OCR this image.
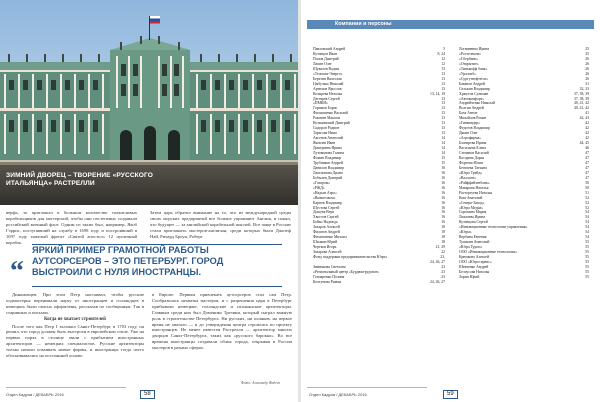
ЗИМНИЙ ДВОРЕЦ – ТВОРЕНИЕ «РУССКОГО ИТАЛЬЯНЦА» РАСТРЕЛЛИ
верфь, то приглашал в большом количестве талантливых корабельщиков для мастерской, чтобы они постепенно создавали российский военный флот. Одним из таких был, например, Якоб Гэррис, поступивший на службу в 1698 году и построивший в 1697 году тяжелый фрегат «Святой апостол» 12 пушечный корабль.
Затем царь обратил внимание на то, что из международной среды своих морских предприятий все больше управляют Англия, и понял, что будущее — за английской корабельной школой. Все чаще в Россию стали приглашать мастеров-англичан, среди которых были Джозеф Най, Ричард Броун, Роберт
“
ЯРКИЙ ПРИМЕР ГРАМОТНОЙ РАБОТЫ АУТСОРСЕРОВ – ЭТО ПЕТЕРБУРГ. ГОРОД ВЫСТРОИЛИ С НУЛЯ ИНОСТРАНЦЫ.

Динамовцев. При этом Петр настаивал, чтобы русские подмастерья перенимали науку от иностранцев и голландцев в немецких были опасно оформлены, рассказав по сообщениям. Так в старинных и письмах.

Когда не хватает строителей

После того как Петр I заложил Санкт-Петербург в 1703 году, он решил, что город должен быть выстроен в европейском стиле. Уже на первых порах в столице звали с прибытием иностранных архитекторов — немецких специалистов. Русские архитекторы только начали осваивать новые формы, и иностранцы тогда часто обосновывались на постоянной основе.

в Европе. Первым привлекать аутсорсеров стал сам Петр. Сообразилась нехватка мастеров, и с разрешения царя в Петербург прибывали немецкие, голландские и итальянские архитекторы. Главным среди них был Доменико Трезини, который сыграл важную роль в строительстве Петербурга. Ни русских, ни поляков, на первое время не хватало — и до утверждения центра строились по проекту иностранцев. Не менее известен Растрелли — архитектор многих дворцов Санкт-Петербурга, таких как «русского барокко». Во все времена иностранцы создавали облик города, открывая в России мастеров в разных сферах.
Фото: Александр Фадеев
Отдел Кадров / ДЕКАБРЬ 2016	58
Компании и персоны
Павловский Андрей	5
Кузнецов Иван	8, 24
Попов Дмитрий	12
Лапин Олег	12
Шувалов Вадим	13
«Телеком-Энерго»	13
Березин Вячеслав	13
Цыбулько Николай	13
Артюхов Ярослав	13
Козырева Наталья	13, 14, 19
Дегтярев Сергей	13
«ПМКИ»	13
Горшков Борис	13
Филиппенко Василий	13
Ракитин Максим	13
Кузьминский Дмитрий	13
Сидоров Родион	13
Тарасова Нина	13
Аксенов Анатолий	14
Яковлев Иван	14
Дмитриева Ирина	14
Лутовинова Галина	14
Фомин Владимир	15
Трубников Андрей	15
Данилов Владимир	16
Лактионова Диана	16
Бобылев Дмитрий	16
«Газпром»	16
«РЖД»	16
«Надым Аэро»	16
«Вымпелком»	16
Карпов Владимир	16
Шустова Сергей	16
Дощева Вера	16
Хвостов Сергей	16
Бойко Надежда	16
Захаров Алексей	18
Филатов Андрей	18
Филиппенко Михаил	18
Шилкин Юрий	18
Чертков Игорь	21, 29
Захарова Алексей	22
Фонд поддержки предпринимательства Югры	23,
24, 26, 27
Зимнякова Светлана	23
«Региональный центр «Бурдюктрудовое»	23
Гончаренко Полина	23
Колтунова Римма	24, 26, 27
Логвиненко Ирина	25
«Ростелеком»	25
«Сбербанк»	26
«Открытие»	26
«Тинькофф банк»	26
«Уралсиб»	26
«Сургутнефтегаз»	26
Баканов Андрей	31
Селькин Владимир	32, 33
Хржутов Сулиман	37, 38, 39
«Автокомфорт»	37, 38, 39
Андрейченко Николай	40, 41, 42
Волгин Андрей	40, 41, 42
Баха Антон	41
Михайлов Роман	42, 43
«Гинвиндер»	42
Федотов Владимир	42
Дякин Олег	42
«Агрофирма»	42
Благирева Ирина	44, 45
Васильева Елена	46
Степанов Василий	47
Косарева Дарья	47
Фортова Юлия	47
Бегичева Татьяна	47
«Югра Трейд»	47
«Валлсен»	47
«Райффайзенбанк»	50
Макарова Наталья	50
Расторгуева Наталья	51
Ким Анатолий	52
«Северо-Запад»	52
«Югра Медиа»	52
Сорокина Мария	54
Лихачева Ирина	54
Кузнецова Сергей	54
«Инновационные технологии управления»	54
«Югра»	54
Вербина Евгения	54
Тупикин Анатолий	55
«Югра Групп»	55
ООО «Инновационные технологии»	55
Крючкова Алексей	55
ООО «Югросервис»	55
Шевченко Андрей	55
Белоусова Наталья	55
Зорин Юрий	55
Отдел Кадров / ДЕКАБРЬ 2016	59
